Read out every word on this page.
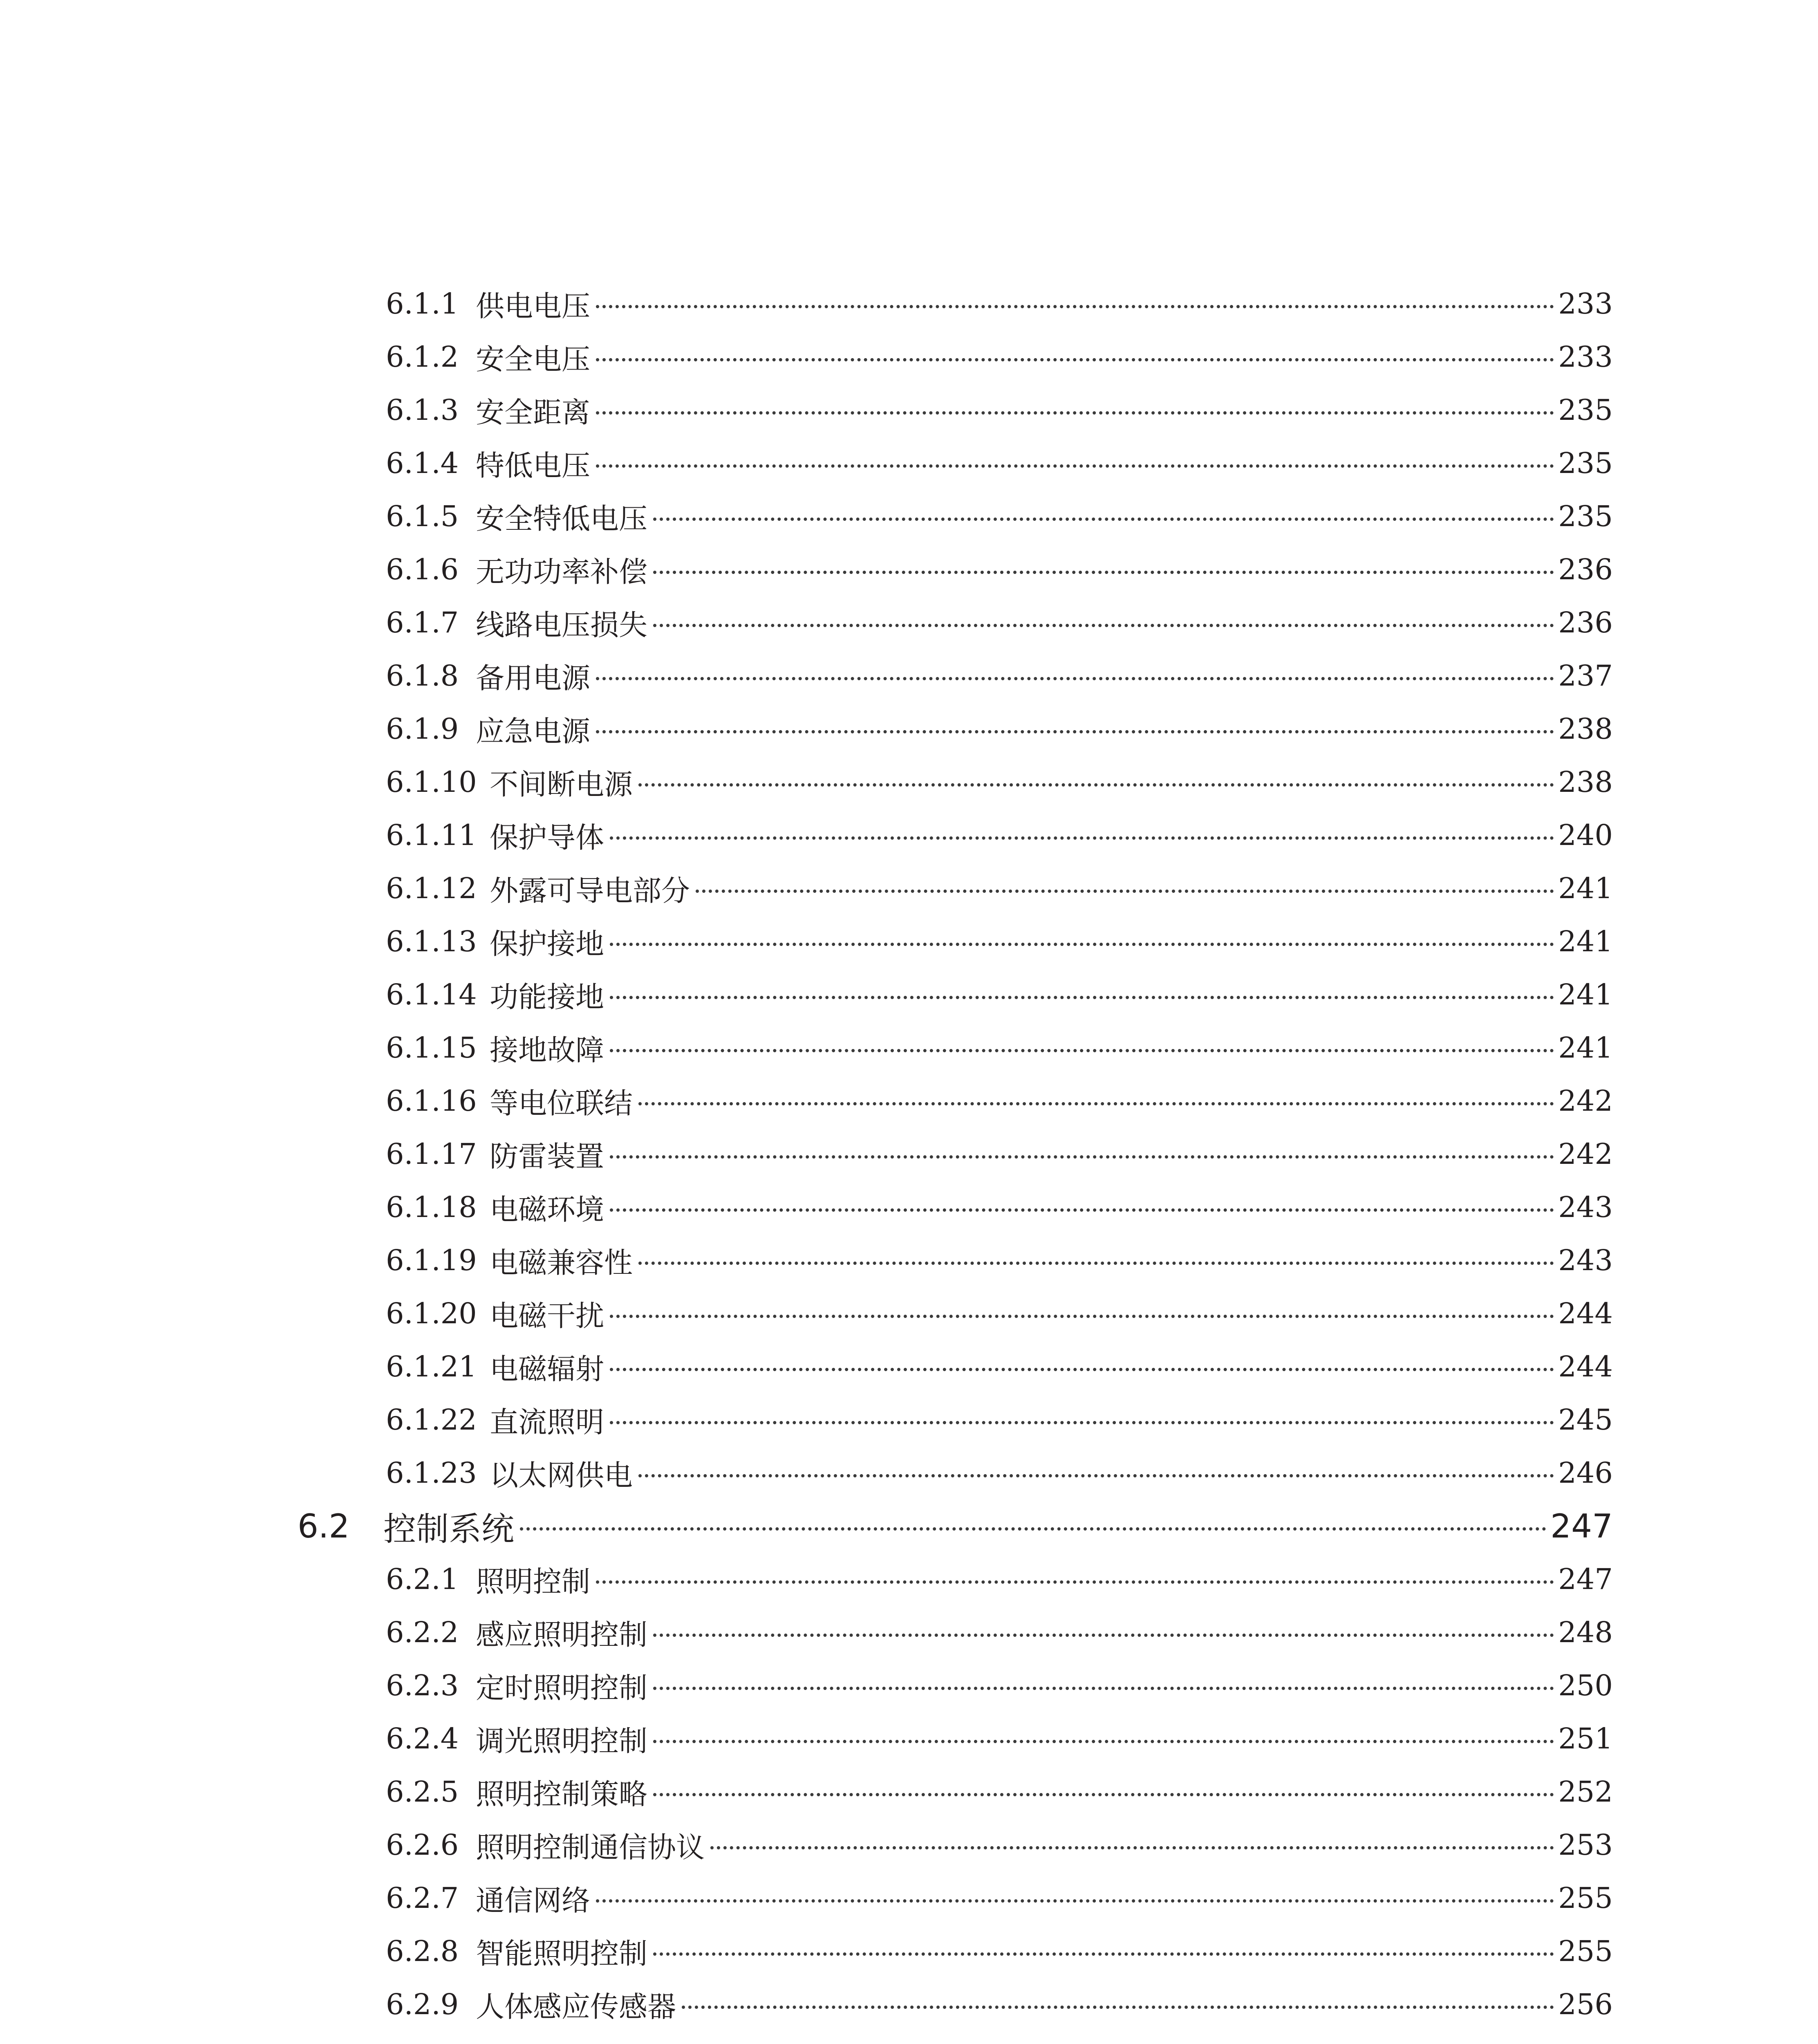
6.1.1 供电电压	233
6.1.2 安全电压	233
6.1.3 安全距离	235
6.1.4 特低电压	235
6.1.5 安全特低电压	235
6.1.6 无功功率补偿	236
6.1.7 线路电压损失	236
6.1.8 备用电源	237
6.1.9 应急电源	238
6.1.10 不间断电源	238
6.1.11 保护导体	240
6.1.12 外露可导电部分	241
6.1.13 保护接地	241
6.1.14 功能接地	241
6.1.15 接地故障	241
6.1.16 等电位联结	242
6.1.17 防雷装置	242
6.1.18 电磁环境	243
6.1.19 电磁兼容性	243
6.1.20 电磁干扰	244
6.1.21 电磁辐射	244
6.1.22 直流照明	245
6.1.23 以太网供电	246
6.2	控制系统	247
6.2.1 照明控制	247
6.2.2 感应照明控制	248
6.2.3 定时照明控制	250
6.2.4 调光照明控制	251
6.2.5 照明控制策略	252
6.2.6 照明控制通信协议	253
6.2.7 通信网络	255
6.2.8 智能照明控制	255
6.2.9 人体感应传感器	256
